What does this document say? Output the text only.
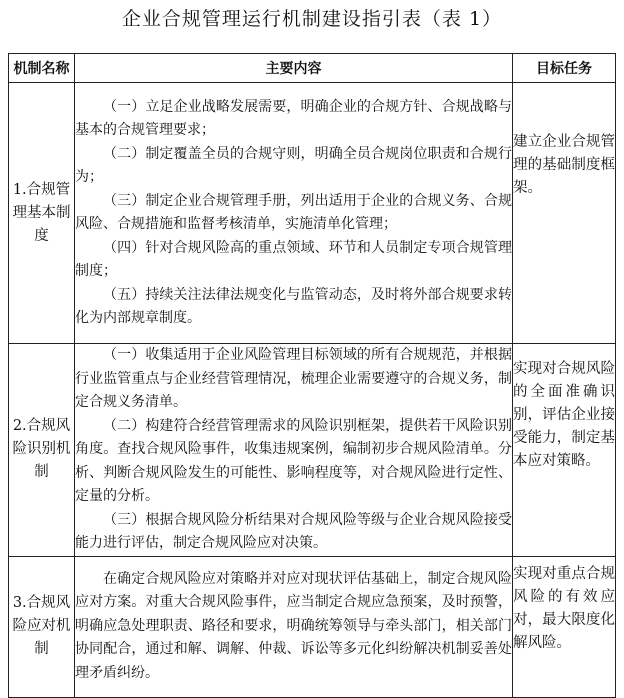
企业合规管理运行机制建设指引表（表 1）
机制名称	主要内容	目标任务
1.合规管理基本制度	（一）立足企业战略发展需要，明确企业的合规方针、合规战略与基本的合规管理要求；

（二）制定覆盖全员的合规守则，明确全员合规岗位职责和合规行为；

（三）制定企业合规管理手册，列出适用于企业的合规义务、合规风险、合规措施和监督考核清单，实施清单化管理；

（四）针对合规风险高的重点领域、环节和人员制定专项合规管理制度；

（五）持续关注法律法规变化与监管动态，及时将外部合规要求转化为内部规章制度。	建立企业合规管理的基础制度框架。
2.合规风险识别机制	（一）收集适用于企业风险管理目标领域的所有合规规范，并根据行业监管重点与企业经营管理情况，梳理企业需要遵守的合规义务，制定合规义务清单。

（二）构建符合经营管理需求的风险识别框架，提供若干风险识别角度。查找合规风险事件，收集违规案例，编制初步合规风险清单。分析、判断合规风险发生的可能性、影响程度等，对合规风险进行定性、定量的分析。

（三）根据合规风险分析结果对合规风险等级与企业合规风险接受能力进行评估，制定合规风险应对决策。	实现对合规风险的全面准确识别，评估企业接受能力，制定基本应对策略。
3.合规风险应对机制	在确定合规风险应对策略并对应对现状评估基础上，制定合规风险应对方案。对重大合规风险事件，应当制定合规应急预案，及时预警，明确应急处理职责、路径和要求，明确统筹领导与牵头部门，相关部门协同配合，通过和解、调解、仲裁、诉讼等多元化纠纷解决机制妥善处理矛盾纠纷。	实现对重点合规风险的有效应对，最大限度化解风险。
